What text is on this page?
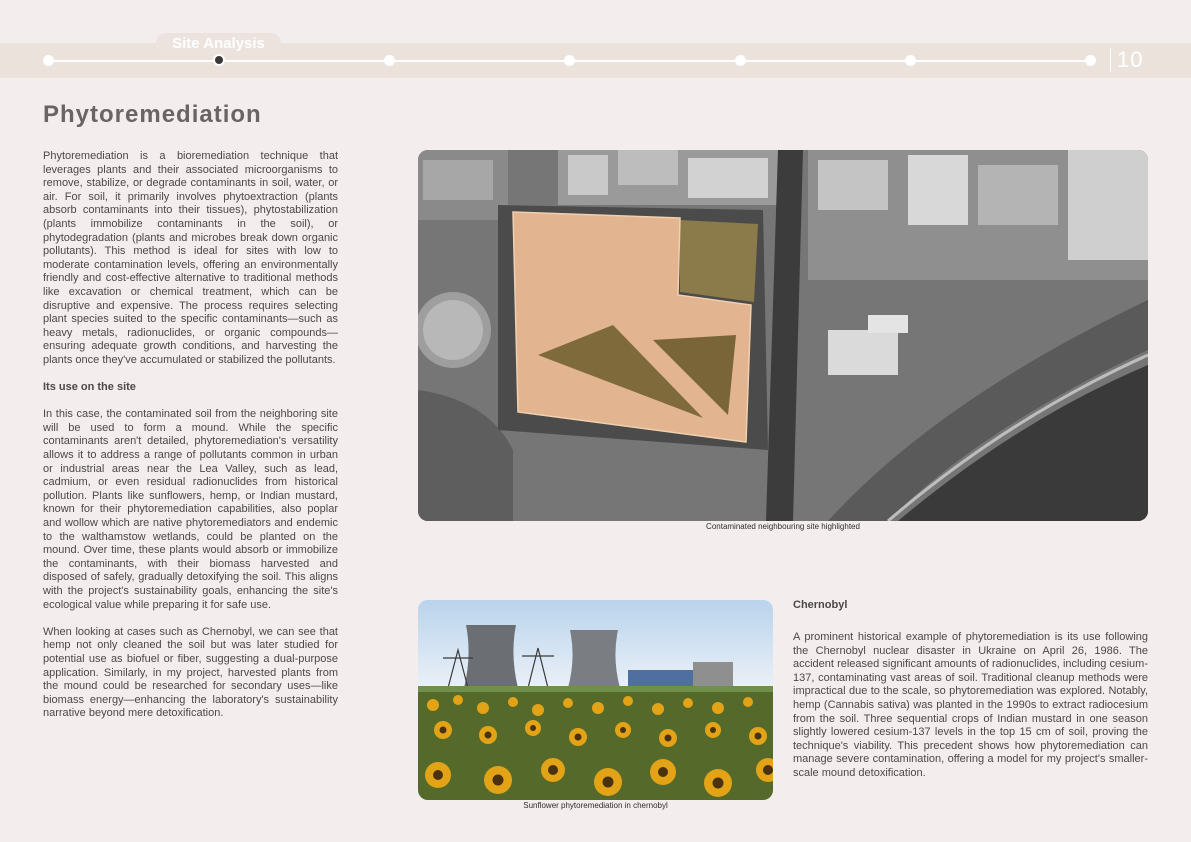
Site Analysis
10
Phytoremediation

Phytoremediation is a bioremediation technique that leverages plants and their associated microorganisms to remove, stabilize, or degrade contaminants in soil, water, or air. For soil, it primarily involves phytoextraction (plants absorb contaminants into their tissues), phytostabilization (plants immobilize contaminants in the soil), or phytodegradation (plants and microbes break down organic pollutants). This method is ideal for sites with low to moderate contamination levels, offering an environmentally friendly and cost-effective alternative to traditional methods like excavation or chemical treatment, which can be disruptive and expensive. The process requires selecting plant species suited to the specific contaminants—such as heavy metals, radionuclides, or organic compounds—ensuring adequate growth conditions, and harvesting the plants once they've accumulated or stabilized the pollutants.

Its use on the site

In this case, the contaminated soil from the neighboring site will be used to form a mound. While the specific contaminants aren't detailed, phytoremediation's versatility allows it to address a range of pollutants common in urban or industrial areas near the Lea Valley, such as lead, cadmium, or even residual radionuclides from historical pollution. Plants like sunflowers, hemp, or Indian mustard, known for their phytoremediation capabilities, also poplar and wollow which are native phytoremediators and endemic to the walthamstow wetlands, could be planted on the mound. Over time, these plants would absorb or immobilize the contaminants, with their biomass harvested and disposed of safely, gradually detoxifying the soil. This aligns with the project's sustainability goals, enhancing the site's ecological value while preparing it for safe use.

When looking at cases such as Chernobyl, we can see that hemp not only cleaned the soil but was later studied for potential use as biofuel or fiber, suggesting a dual-purpose application. Similarly, in my project, harvested plants from the mound could be researched for secondary uses—like biomass energy—enhancing the laboratory's sustainability narrative beyond mere detoxification.

Contaminated neighbouring site highlighted
Sunflower phytoremediation in chernobyl
Chernobyl
A prominent historical example of phytoremediation is its use following the Chernobyl nuclear disaster in Ukraine on April 26, 1986. The accident released significant amounts of radionuclides, including cesium-137, contaminating vast areas of soil. Traditional cleanup methods were impractical due to the scale, so phytoremediation was explored. Notably, hemp (Cannabis sativa) was planted in the 1990s to extract radiocesium from the soil. Three sequential crops of Indian mustard in one season slightly lowered cesium-137 levels in the top 15 cm of soil, proving the technique's viability. This precedent shows how phytoremediation can manage severe contamination, offering a model for my project's smaller-scale mound detoxification.
